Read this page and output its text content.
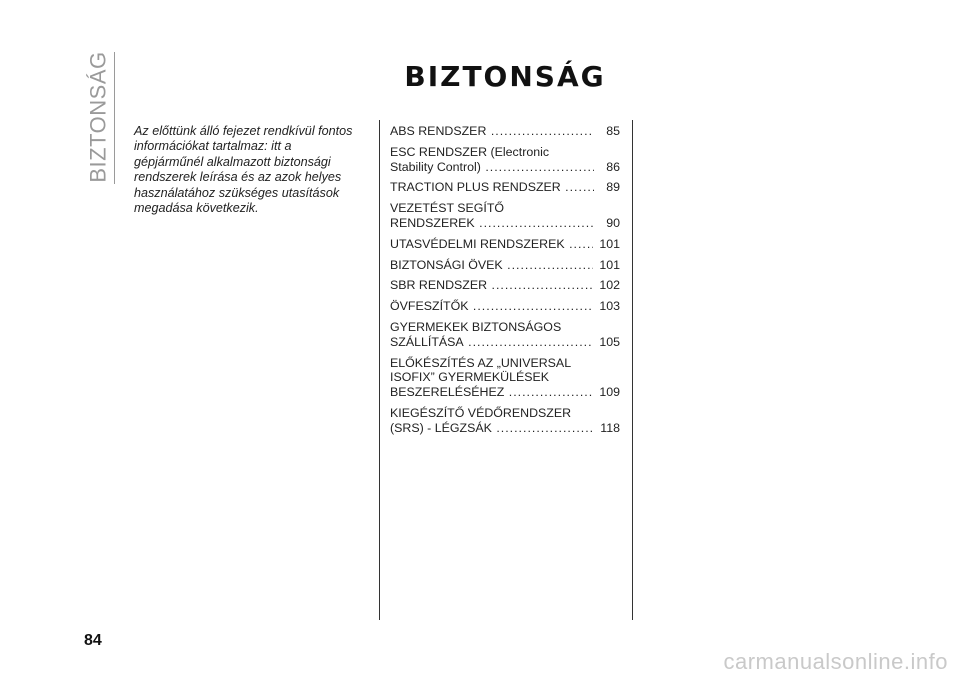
BIZTONSÁG	BIZTONSÁG
Az előttünk álló fejezet rendkívül fontos információkat tartalmaz: itt a gépjárműnél alkalmazott biztonsági rendszerek leírása és az azok helyes használatához szükséges utasítások megadása következik.
ABS RENDSZER .....	85
ESC RENDSZER (Electronic
Stability Control) .....	86
TRACTION PLUS RENDSZER .....	89
VEZETÉST SEGÍTŐ
RENDSZEREK .....	90
UTASVÉDELMI RENDSZEREK .....	101
BIZTONSÁGI ÖVEK .....	101
SBR RENDSZER .....	102
ÖVFESZÍTŐK .....	103
GYERMEKEK BIZTONSÁGOS
SZÁLLÍTÁSA .....	105
ELŐKÉSZÍTÉS AZ „UNIVERSAL
ISOFIX” GYERMEKÜLÉSEK
BESZERELÉSÉHEZ .....	109
KIEGÉSZÍTŐ VÉDŐRENDSZER
(SRS) - LÉGZSÁK .....	118
84
carmanualsonline.info
